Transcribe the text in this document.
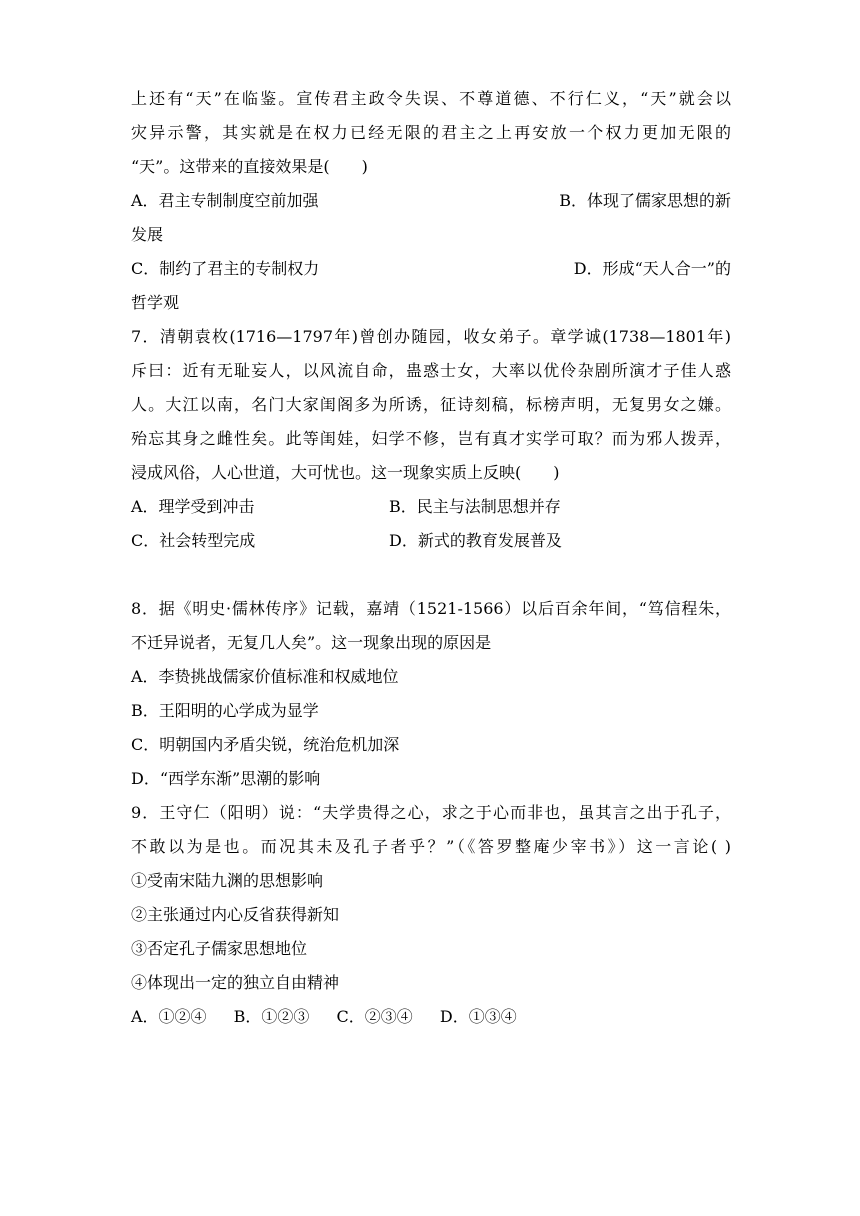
上还有“天”在临鉴。宣传君主政令失误、不尊道德、不行仁义，“天”就会以
灾异示警，其实就是在权力已经无限的君主之上再安放一个权力更加无限的
“天”。这带来的直接效果是(　　)
A．君主专制制度空前加强	B．体现了儒家思想的新
发展
C．制约了君主的专制权力	D．形成“天人合一”的
哲学观
7．清朝袁枚(1716—1797年)曾创办随园，收女弟子。章学诚(1738—1801年)
斥曰：近有无耻妄人，以风流自命，蛊惑士女，大率以优伶杂剧所演才子佳人惑
人。大江以南，名门大家闺阁多为所诱，征诗刻稿，标榜声明，无复男女之嫌。
殆忘其身之雌性矣。此等闺娃，妇学不修，岂有真才实学可取？而为邪人拨弄，
浸成风俗，人心世道，大可忧也。这一现象实质上反映(　　)
A．理学受到冲击	B．民主与法制思想并存
C．社会转型完成	D．新式的教育发展普及
8．据《明史·儒林传序》记载，嘉靖（1521-1566）以后百余年间，“笃信程朱，
不迁异说者，无复几人矣”。这一现象出现的原因是
A．李贽挑战儒家价值标准和权威地位
B．王阳明的心学成为显学
C．明朝国内矛盾尖锐，统治危机加深
D．“西学东渐”思潮的影响
9．王守仁（阳明）说：“夫学贵得之心，求之于心而非也，虽其言之出于孔子，
不敢以为是也。而况其未及孔子者乎？”（《答罗整庵少宰书》）这一言论( )
①受南宋陆九渊的思想影响
②主张通过内心反省获得新知
③否定孔子儒家思想地位
④体现出一定的独立自由精神
A．①②④ B．①②③ C．②③④ D．①③④
